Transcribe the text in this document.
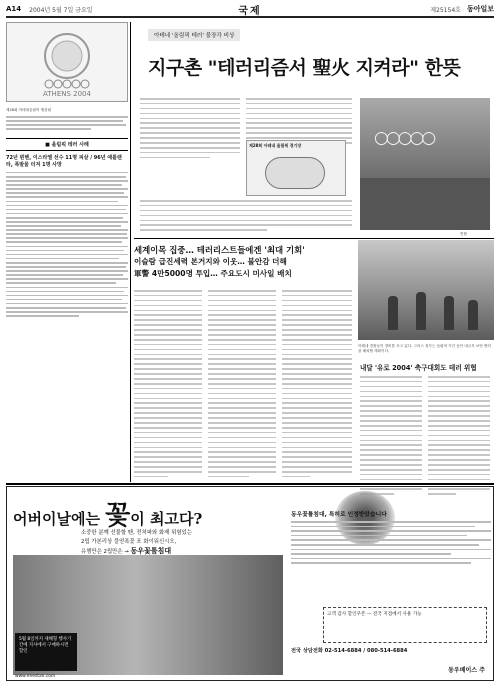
A14 2004년 5월 7일 금요일	국제	제25154호 동아일보
ATHENS 2004
제28회 아테네올림픽 엠블럼
■ 올림픽 테러 사례
72년 뮌헨, 이스라엘 선수 11명 피살 / 96년 애틀랜타, 폭발물 터져 1명 사망
아테네 '올림픽 테러' 불장각 비상
지구촌 "테러리즘서 聖火 지켜라" 한뜻
○○○○○
연합
제28회 아테네 올림픽 경기장
세계이목 집중… 테러리스트들에겐 '최대 기회'
이슬람 급진세력 본거지와 이웃… 불안감 더해
軍警 4만5000명 투입… 주요도시 미사일 배치
아테네 경찰들이 경비를 서고 있다. 그리스 정부는 올림픽 기간 동안 대규모 보안 병력을 배치할 계획이다.
내달 '유로 2004' 축구대회도 테러 위협
어버이날에는 꽃이 최고다?
소중한 분께 선물할 땐, 전처파와 화제 위험있는
2립 가본리상 블얻폭꽃 포 화이워신시오,
유행만은 2립만은 → 동우꽃툴침대
5월 8일까지 새해형 행사기간에 지사에서 구매하시면 할인
www.enestan.com
동우꽃툴침대, 특허로 인정받았습니다
고객 감사 할인쿠폰 — 전국 지점에서 사용 가능
전국 상담전화 02-514-6884 / 080-514-6884
동우베이스 주
